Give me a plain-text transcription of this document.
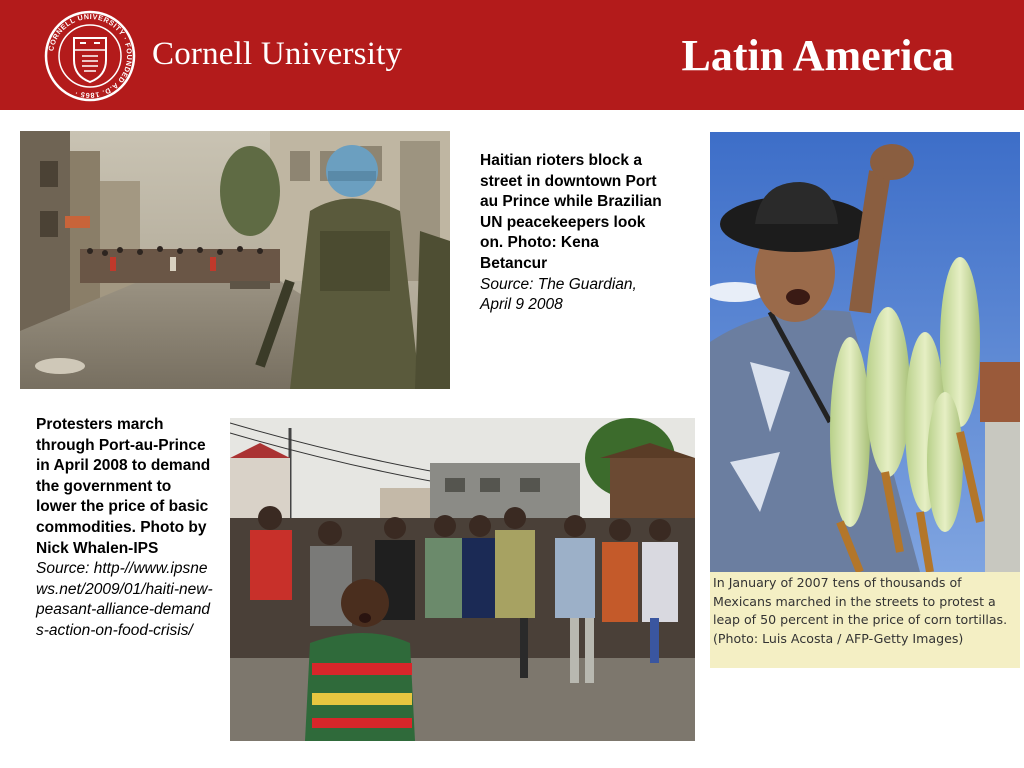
CORNELL UNIVERSITY · FOUNDED A.D. 1865 ·
Cornell University	Latin America
Haitian rioters block a street in downtown Port au Prince while Brazilian UN peacekeepers look on. Photo: Kena Betancur
Source: The Guardian, April 9 2008
Protesters march through Port-au-Prince in April 2008 to demand the government to lower the price of basic commodities. Photo by Nick Whalen-IPS
Source: http-//www.ipsnews.net/2009/01/haiti-new-peasant-alliance-demands-action-on-food-crisis/
In January of 2007 tens of thousands of Mexicans marched in the streets to protest a leap of 50 percent in the price of corn tortillas. (Photo: Luis Acosta / AFP-Getty Images)
